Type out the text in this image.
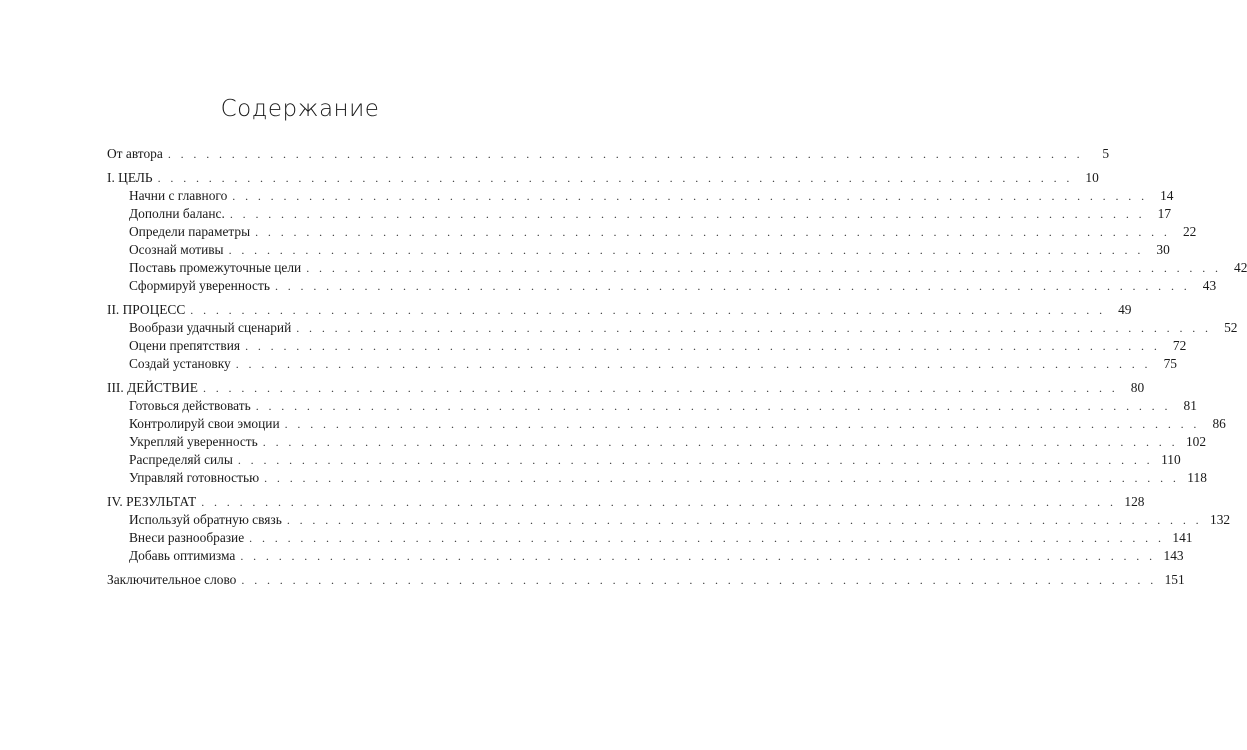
Содержание
От автора . . . . . . . . . . . . . . . . . . . . . . . . . . . . . . . . . . . . . . . . . . . . . . . . . . . . . . . . . . . . . . . . . . . . . . . .	5
I. ЦЕЛЬ . . . . . . . . . . . . . . . . . . . . . . . . . . . . . . . . . . . . . . . . . . . . . . . . . . . . . . . . . . . . . . . . . . . . . . . . 10
Начни с главного . . . . . . . . . . . . . . . . . . . . . . . . . . . . . . . . . . . . . . . . . . . . . . . . . . . . . . . . . . . . . . . . . . . . . . . . 14
Дополни баланс. . . . . . . . . . . . . . . . . . . . . . . . . . . . . . . . . . . . . . . . . . . . . . . . . . . . . . . . . . . . . . . . . . . . . . . . . 17
Определи параметры . . . . . . . . . . . . . . . . . . . . . . . . . . . . . . . . . . . . . . . . . . . . . . . . . . . . . . . . . . . . . . . . . . . . . . . . 22
Осознай мотивы . . . . . . . . . . . . . . . . . . . . . . . . . . . . . . . . . . . . . . . . . . . . . . . . . . . . . . . . . . . . . . . . . . . . . . . . 30
Поставь промежуточные цели . . . . . . . . . . . . . . . . . . . . . . . . . . . . . . . . . . . . . . . . . . . . . . . . . . . . . . . . . . . . . . . . . . . . . . . . 42
Сформируй уверенность . . . . . . . . . . . . . . . . . . . . . . . . . . . . . . . . . . . . . . . . . . . . . . . . . . . . . . . . . . . . . . . . . . . . . . . . 43
II. ПРОЦЕСС . . . . . . . . . . . . . . . . . . . . . . . . . . . . . . . . . . . . . . . . . . . . . . . . . . . . . . . . . . . . . . . . . . . . . . . . 49
Вообрази удачный сценарий . . . . . . . . . . . . . . . . . . . . . . . . . . . . . . . . . . . . . . . . . . . . . . . . . . . . . . . . . . . . . . . . . . . . . . . . 52
Оцени препятствия . . . . . . . . . . . . . . . . . . . . . . . . . . . . . . . . . . . . . . . . . . . . . . . . . . . . . . . . . . . . . . . . . . . . . . . . 72
Создай установку . . . . . . . . . . . . . . . . . . . . . . . . . . . . . . . . . . . . . . . . . . . . . . . . . . . . . . . . . . . . . . . . . . . . . . . . 75
III. ДЕЙСТВИЕ . . . . . . . . . . . . . . . . . . . . . . . . . . . . . . . . . . . . . . . . . . . . . . . . . . . . . . . . . . . . . . . . . . . . . . . . 80
Готовься действовать . . . . . . . . . . . . . . . . . . . . . . . . . . . . . . . . . . . . . . . . . . . . . . . . . . . . . . . . . . . . . . . . . . . . . . . . 81
Контролируй свои эмоции . . . . . . . . . . . . . . . . . . . . . . . . . . . . . . . . . . . . . . . . . . . . . . . . . . . . . . . . . . . . . . . . . . . . . . . . 86
Укрепляй уверенность . . . . . . . . . . . . . . . . . . . . . . . . . . . . . . . . . . . . . . . . . . . . . . . . . . . . . . . . . . . . . . . . . . . . . . . . 102
Распределяй силы . . . . . . . . . . . . . . . . . . . . . . . . . . . . . . . . . . . . . . . . . . . . . . . . . . . . . . . . . . . . . . . . . . . . . . . . 110
Управляй готовностью . . . . . . . . . . . . . . . . . . . . . . . . . . . . . . . . . . . . . . . . . . . . . . . . . . . . . . . . . . . . . . . . . . . . . . . . 118
IV. РЕЗУЛЬТАТ . . . . . . . . . . . . . . . . . . . . . . . . . . . . . . . . . . . . . . . . . . . . . . . . . . . . . . . . . . . . . . . . . . . . . . . . 128
Используй обратную связь . . . . . . . . . . . . . . . . . . . . . . . . . . . . . . . . . . . . . . . . . . . . . . . . . . . . . . . . . . . . . . . . . . . . . . . . 132
Внеси разнообразие . . . . . . . . . . . . . . . . . . . . . . . . . . . . . . . . . . . . . . . . . . . . . . . . . . . . . . . . . . . . . . . . . . . . . . . . 141
Добавь оптимизма . . . . . . . . . . . . . . . . . . . . . . . . . . . . . . . . . . . . . . . . . . . . . . . . . . . . . . . . . . . . . . . . . . . . . . . . 143
Заключительное слово . . . . . . . . . . . . . . . . . . . . . . . . . . . . . . . . . . . . . . . . . . . . . . . . . . . . . . . . . . . . . . . . . . . . . . . . 151
